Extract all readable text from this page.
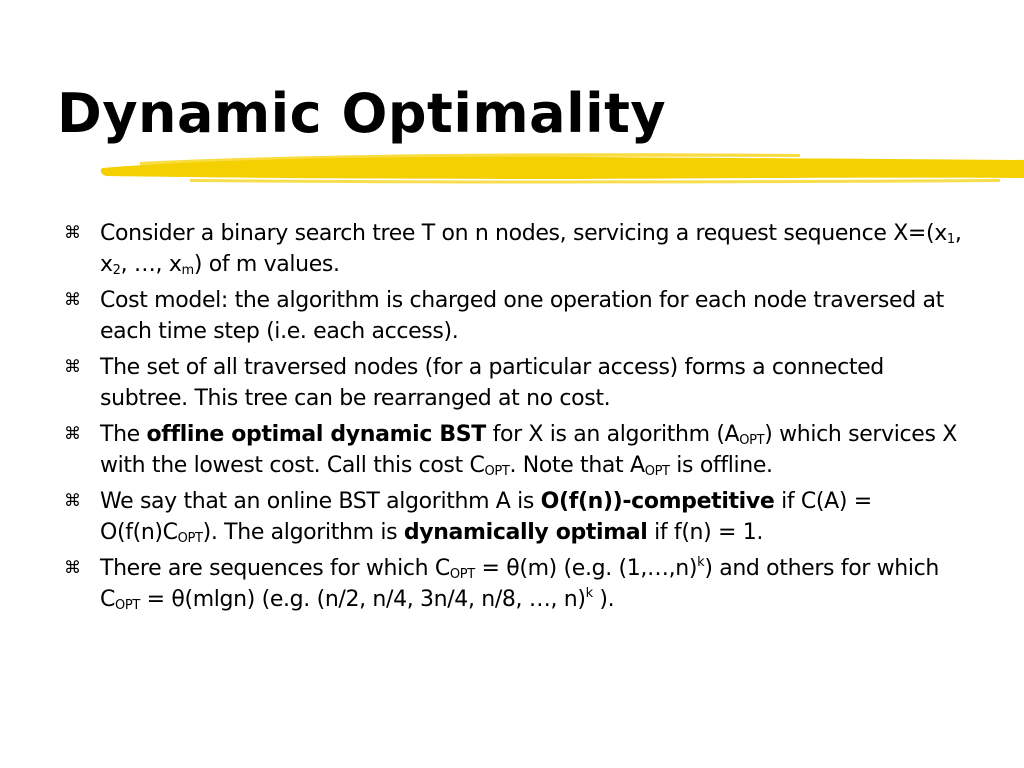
Dynamic Optimality
⌘ Consider a binary search tree T on n nodes, servicing a request sequence $X=(x_1$, $x_2$, …, $x_m$) of m values.
⌘ Cost model: the algorithm is charged one operation for each node traversed at each time step (i.e. each access).
⌘ The set of all traversed nodes (for a particular access) forms a connected subtree. This tree can be rearranged at no cost.
⌘ The offline optimal dynamic BST for X is an algorithm $(A_{OPT})$ which services X with the lowest cost. Call this cost $C_{OPT}$. Note that $A_{OPT}$ is offline.
⌘ We say that an online BST algorithm A is O(f(n))-competitive if $C(A) = O(f(n)C_{OPT})$. The algorithm is dynamically optimal if f(n) = 1.
⌘ There are sequences for which $C_{OPT} = \theta(m)$ (e.g. (1,…,n)$^k$) and others for which $C_{OPT} = \theta(mlgn)$ (e.g. (n/2, n/4, 3n/4, n/8, …, n)$^k$ ).
